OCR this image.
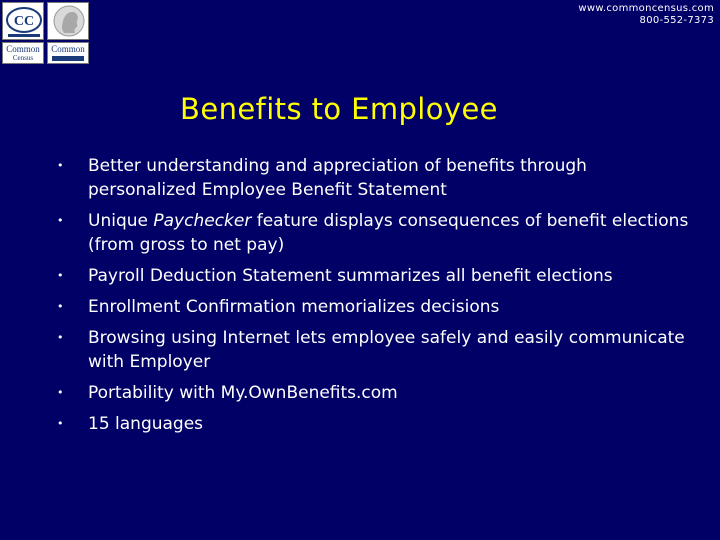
CC
Common
Census
Common
www.commoncensus.com
800-552-7373
Benefits to Employee
• Better understanding and appreciation of benefits through personalized Employee Benefit Statement
• Unique Paychecker feature displays consequences of benefit elections (from gross to net pay)
• Payroll Deduction Statement summarizes all benefit elections
• Enrollment Confirmation memorializes decisions
• Browsing using Internet lets employee safely and easily communicate with Employer
• Portability with My.OwnBenefits.com
• 15 languages
